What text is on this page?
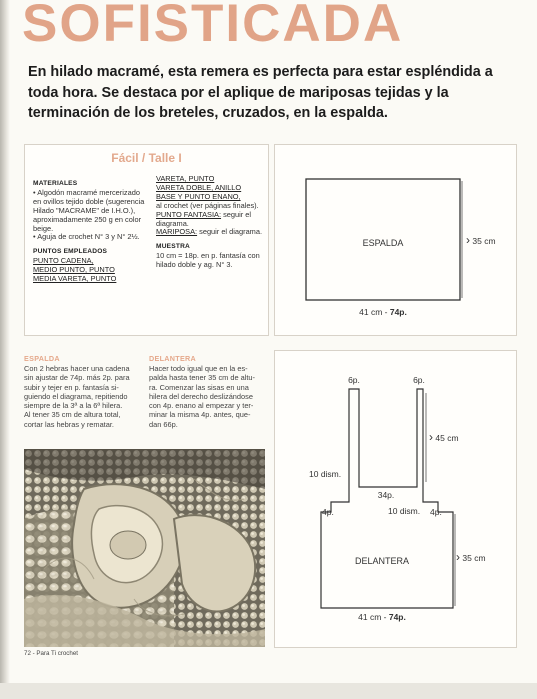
SOFISTICADA

En hilado macramé, esta remera es perfecta para estar espléndida a toda hora. Se destaca por el aplique de mariposas tejidas y la terminación de los breteles, cruzados, en la espalda.

Fácil / Talle I
MATERIALES
• Algodón macramé mercerizado en ovillos tejido doble (sugerencia Hilado "MACRAME" de I.H.O.), aproximadamente 250 g en color beige.
• Aguja de crochet N° 3 y N° 2½.
PUNTOS EMPLEADOS
PUNTO CADENA,
MEDIO PUNTO, PUNTO
MEDIA VARETA, PUNTO
VARETA, PUNTO
VARETA DOBLE, ANILLO
BASE Y PUNTO ENANO,
al crochet (ver páginas finales).
PUNTO FANTASIA: seguir el diagrama.
MARIPOSA: seguir el diagrama.
MUESTRA
10 cm = 18p. en p. fantasía con hilado doble y ag. N° 3.
ESPALDA	› 35 cm
41 cm - 74p.
6p.	6p.
› 45 cm
10 dism.
10 dism.
34p.
4p.	4p.
DELANTERA	› 35 cm
41 cm - 74p.
ESPALDA
Con 2 hebras hacer una cadena
sin ajustar de 74p. más 2p. para
subir y tejer en p. fantasía si-
guiendo el diagrama, repitiendo
siempre de la 3ª a la 6ª hilera.
Al tener 35 cm de altura total,
cortar las hebras y rematar.
DELANTERA
Hacer todo igual que en la es-
palda hasta tener 35 cm de altu-
ra. Comenzar las sisas en una
hilera del derecho deslizándose
con 4p. enano al empezar y ter-
minar la misma 4p. antes, que-
dan 66p.
72 - Para Ti crochet
